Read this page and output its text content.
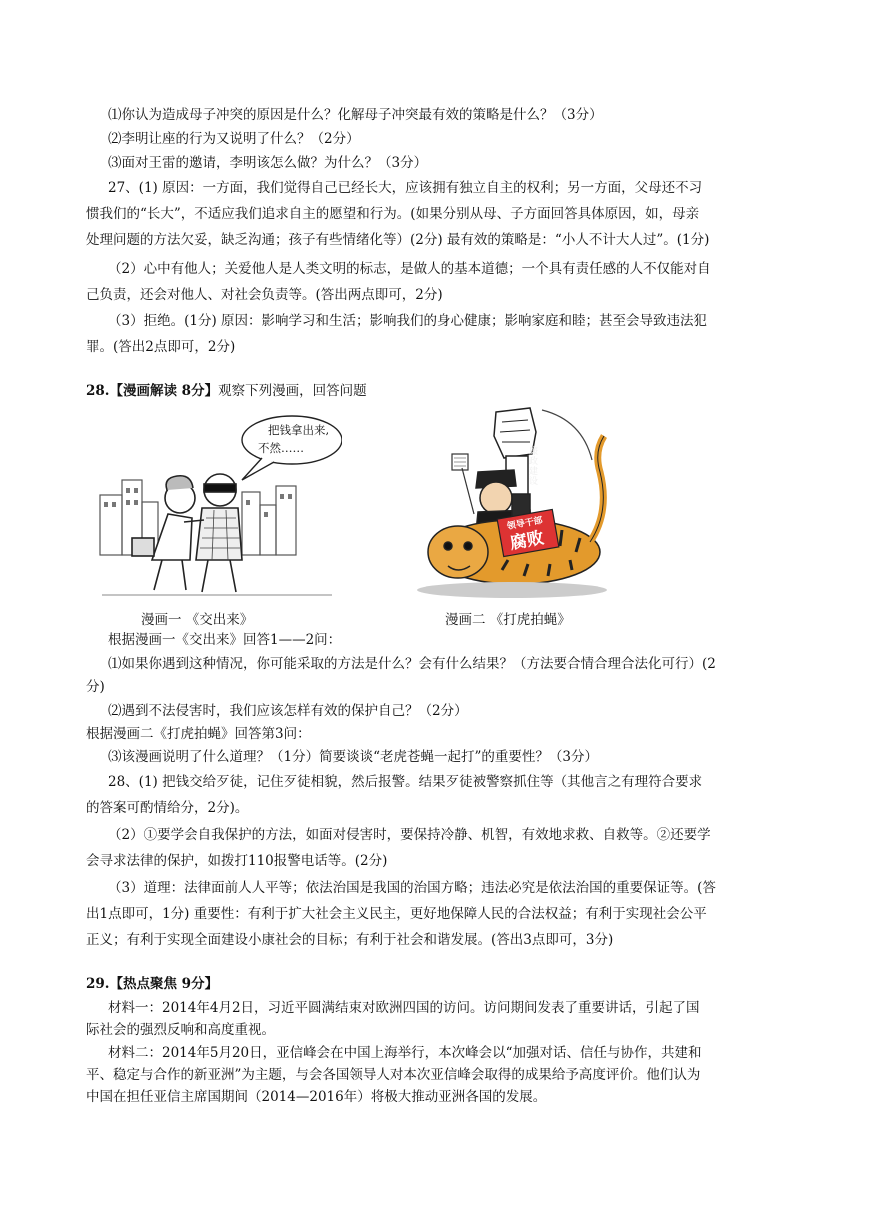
⑴你认为造成母子冲突的原因是什么？化解母子冲突最有效的策略是什么？（3分）
⑵李明让座的行为又说明了什么？（2分）
⑶面对王雷的邀请，李明该怎么做？为什么？（3分）
27、(1) 原因：一方面，我们觉得自己已经长大，应该拥有独立自主的权利；另一方面，父母还不习
惯我们的“长大”，不适应我们追求自主的愿望和行为。(如果分别从母、子方面回答具体原因，如，母亲
处理问题的方法欠妥，缺乏沟通；孩子有些情绪化等）(2分) 最有效的策略是：“小人不计大人过”。(1分)
（2）心中有他人；关爱他人是人类文明的标志，是做人的基本道德；一个具有责任感的人不仅能对自
己负责，还会对他人、对社会负责等。(答出两点即可，2分)
（3）拒绝。(1分) 原因：影响学习和生活；影响我们的身心健康；影响家庭和睦；甚至会导致违法犯
罪。(答出2点即可，2分)
28.【漫画解读 8分】观察下列漫画，回答问题
把钱拿出来,
不然……	廉政建设
领导干部
腐败
漫画一 《交出来》	漫画二 《打虎拍蝇》
根据漫画一《交出来》回答1——2问：
⑴如果你遇到这种情况，你可能采取的方法是什么？会有什么结果？（方法要合情合理合法化可行）(2
分)
⑵遇到不法侵害时，我们应该怎样有效的保护自己？（2分）
根据漫画二《打虎拍蝇》回答第3问：
⑶该漫画说明了什么道理？（1分）简要谈谈“老虎苍蝇一起打”的重要性？（3分）
28、(1) 把钱交给歹徒，记住歹徒相貌，然后报警。结果歹徒被警察抓住等（其他言之有理符合要求
的答案可酌情给分，2分)。
（2）①要学会自我保护的方法，如面对侵害时，要保持冷静、机智，有效地求救、自救等。②还要学
会寻求法律的保护，如拨打110报警电话等。(2分)
（3）道理：法律面前人人平等；依法治国是我国的治国方略；违法必究是依法治国的重要保证等。(答
出1点即可，1分) 重要性：有利于扩大社会主义民主，更好地保障人民的合法权益；有利于实现社会公平
正义；有利于实现全面建设小康社会的目标；有利于社会和谐发展。(答出3点即可，3分)
29.【热点聚焦 9分】
材料一：2014年4月2日，习近平圆满结束对欧洲四国的访问。访问期间发表了重要讲话，引起了国
际社会的强烈反响和高度重视。
材料二：2014年5月20日，亚信峰会在中国上海举行，本次峰会以“加强对话、信任与协作，共建和
平、稳定与合作的新亚洲”为主题，与会各国领导人对本次亚信峰会取得的成果给予高度评价。他们认为
中国在担任亚信主席国期间（2014—2016年）将极大推动亚洲各国的发展。
